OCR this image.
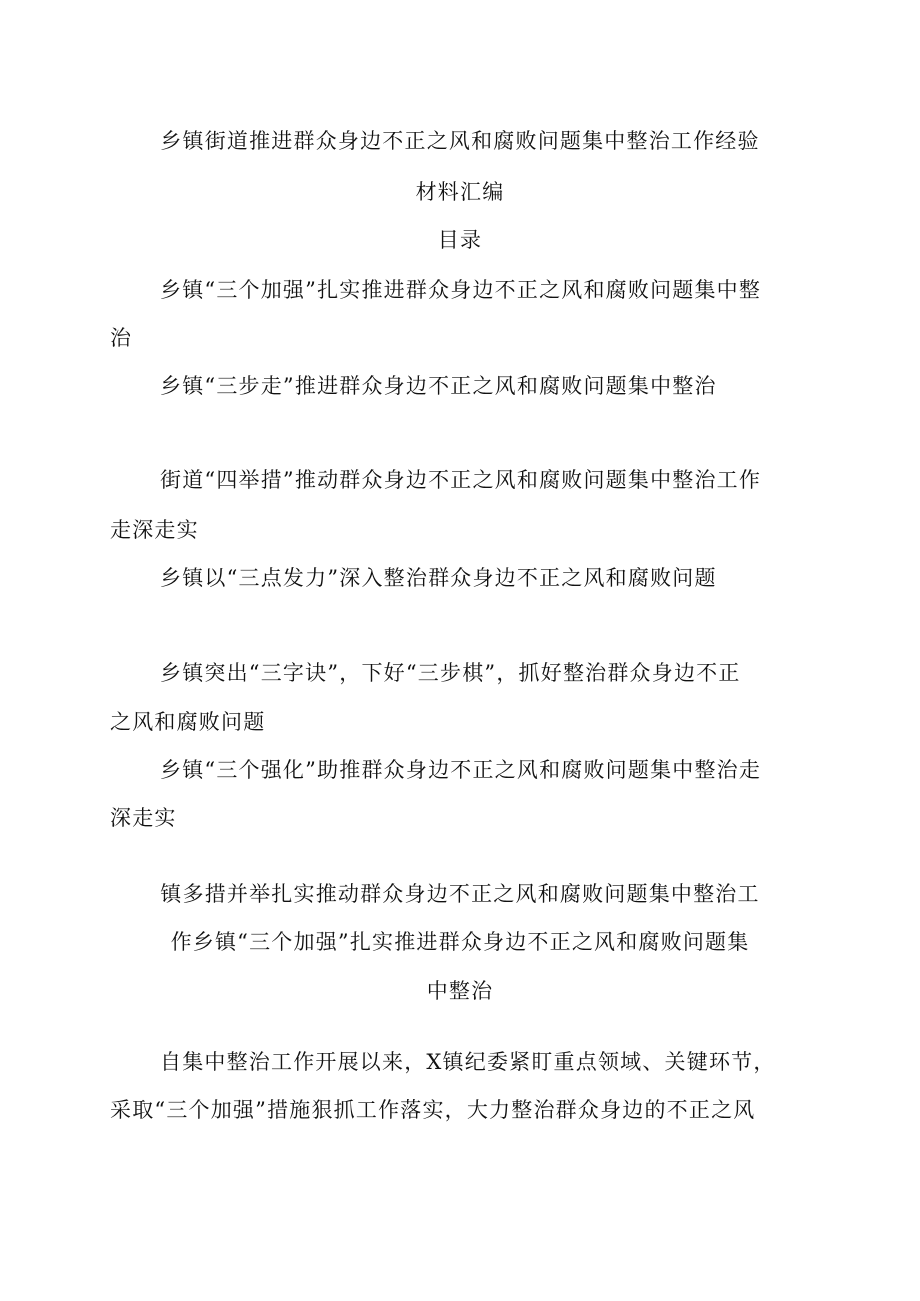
乡镇街道推进群众身边不正之风和腐败问题集中整治工作经验
材料汇编
目录
乡镇“三个加强”扎实推进群众身边不正之风和腐败问题集中整
治
乡镇“三步走”推进群众身边不正之风和腐败问题集中整治
街道“四举措”推动群众身边不正之风和腐败问题集中整治工作
走深走实
乡镇以“三点发力”深入整治群众身边不正之风和腐败问题
乡镇突出“三字诀”，下好“三步棋”，抓好整治群众身边不正
之风和腐败问题
乡镇“三个强化”助推群众身边不正之风和腐败问题集中整治走
深走实
镇多措并举扎实推动群众身边不正之风和腐败问题集中整治工
作乡镇“三个加强”扎实推进群众身边不正之风和腐败问题集
中整治
自集中整治工作开展以来，X镇纪委紧盯重点领域、关键环节，
采取“三个加强”措施狠抓工作落实，大力整治群众身边的不正之风
